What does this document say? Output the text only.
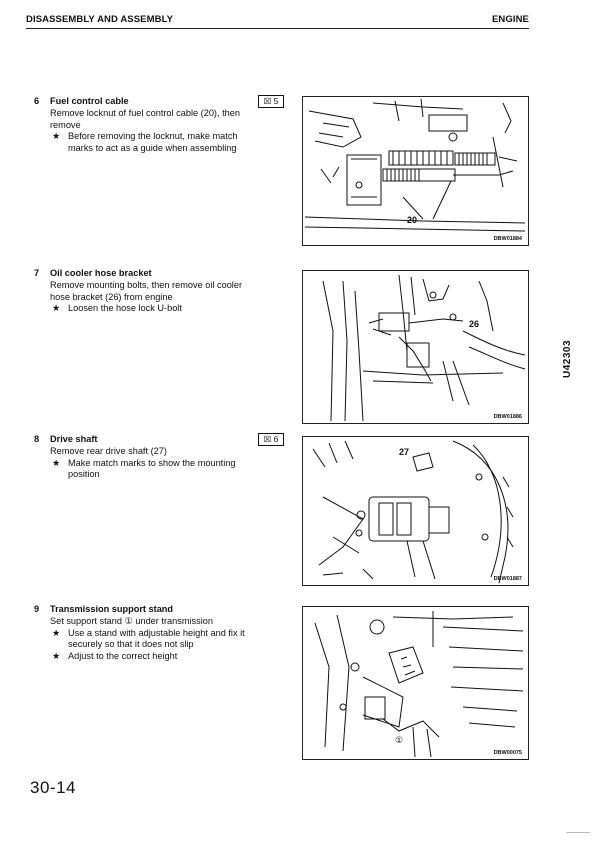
DISASSEMBLY AND ASSEMBLY	ENGINE
6 Fuel control cable	☒ 5
Remove locknut of fuel control cable (20), then
remove
★ Before removing the locknut, make match
marks to act as a guide when assembling
20
DBW01884
7 Oil cooler hose bracket
Remove mounting bolts, then remove oil cooler
hose bracket (26) from engine
★ Loosen the hose lock U-bolt
26
DBW01886
U42303
8 Drive shaft	☒ 6
Remove rear drive shaft (27)
★ Make match marks to show the mounting
position
27
DBW01887
9 Transmission support stand
Set support stand ① under transmission
★ Use a stand with adjustable height and fix it
securely so that it does not slip
★ Adjust to the correct height
①
DBW00075
30-14
